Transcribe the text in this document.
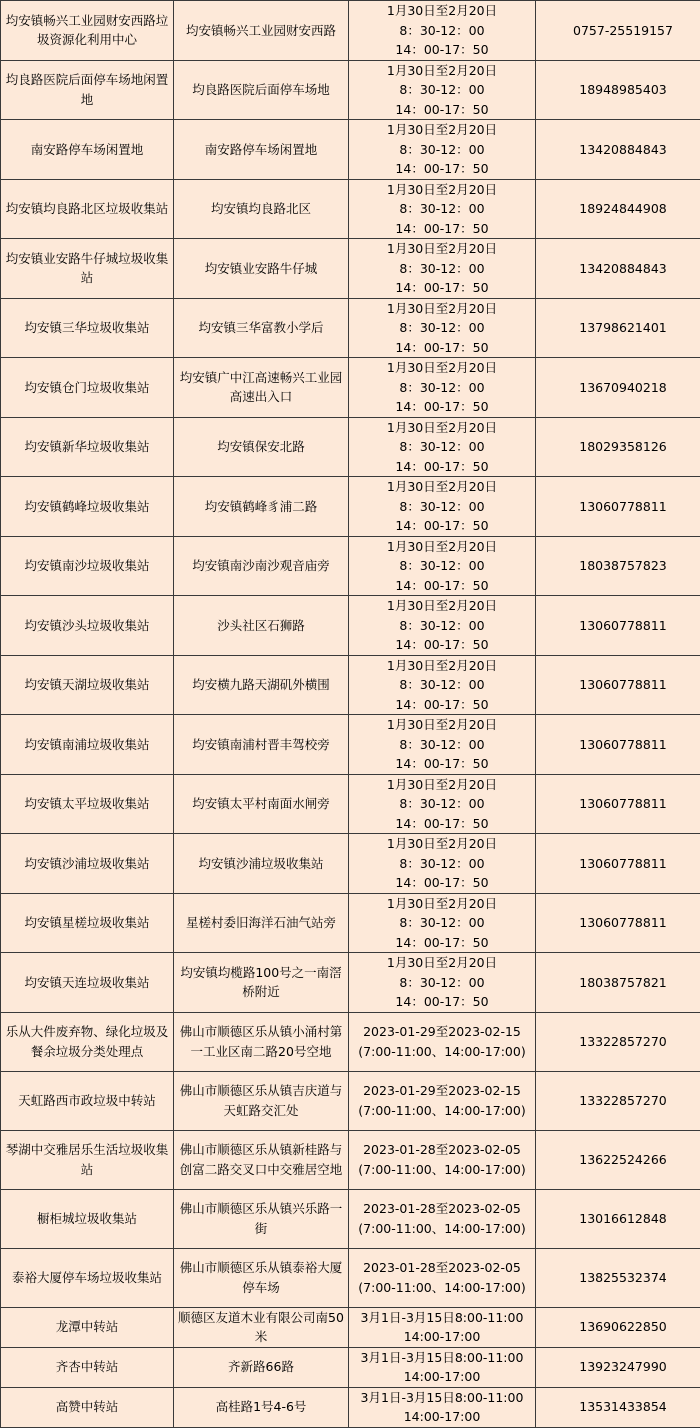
均安镇畅兴工业园财安西路垃圾资源化利用中心	均安镇畅兴工业园财安西路	1月30日至2月20日
8：30-12：00
14：00-17：50	0757-25519157
均良路医院后面停车场地闲置地	均良路医院后面停车场地	1月30日至2月20日
8：30-12：00
14：00-17：50	18948985403
南安路停车场闲置地	南安路停车场闲置地	1月30日至2月20日
8：30-12：00
14：00-17：50	13420884843
均安镇均良路北区垃圾收集站	均安镇均良路北区	1月30日至2月20日
8：30-12：00
14：00-17：50	18924844908
均安镇业安路牛仔城垃圾收集站	均安镇业安路牛仔城	1月30日至2月20日
8：30-12：00
14：00-17：50	13420884843
均安镇三华垃圾收集站	均安镇三华富教小学后	1月30日至2月20日
8：30-12：00
14：00-17：50	13798621401
均安镇仓门垃圾收集站	均安镇广中江高速畅兴工业园高速出入口	1月30日至2月20日
8：30-12：00
14：00-17：50	13670940218
均安镇新华垃圾收集站	均安镇保安北路	1月30日至2月20日
8：30-12：00
14：00-17：50	18029358126
均安镇鹤峰垃圾收集站	均安镇鹤峰豸浦二路	1月30日至2月20日
8：30-12：00
14：00-17：50	13060778811
均安镇南沙垃圾收集站	均安镇南沙南沙观音庙旁	1月30日至2月20日
8：30-12：00
14：00-17：50	18038757823
均安镇沙头垃圾收集站	沙头社区石狮路	1月30日至2月20日
8：30-12：00
14：00-17：50	13060778811
均安镇天湖垃圾收集站	均安横九路天湖矶外横围	1月30日至2月20日
8：30-12：00
14：00-17：50	13060778811
均安镇南浦垃圾收集站	均安镇南浦村晋丰驾校旁	1月30日至2月20日
8：30-12：00
14：00-17：50	13060778811
均安镇太平垃圾收集站	均安镇太平村南面水闸旁	1月30日至2月20日
8：30-12：00
14：00-17：50	13060778811
均安镇沙浦垃圾收集站	均安镇沙浦垃圾收集站	1月30日至2月20日
8：30-12：00
14：00-17：50	13060778811
均安镇星槎垃圾收集站	星槎村委旧海洋石油气站旁	1月30日至2月20日
8：30-12：00
14：00-17：50	13060778811
均安镇天连垃圾收集站	均安镇均榄路100号之一南滘桥附近	1月30日至2月20日
8：30-12：00
14：00-17：50	18038757821
乐从大件废弃物、绿化垃圾及餐余垃圾分类处理点	佛山市顺德区乐从镇小涌村第一工业区南二路20号空地	2023-01-29至2023-02-15
(7:00-11:00、14:00-17:00)	13322857270
天虹路西市政垃圾中转站	佛山市顺德区乐从镇吉庆道与天虹路交汇处	2023-01-29至2023-02-15
(7:00-11:00、14:00-17:00)	13322857270
琴湖中交雅居乐生活垃圾收集站	佛山市顺德区乐从镇新桂路与创富二路交叉口中交雅居空地	2023-01-28至2023-02-05
(7:00-11:00、14:00-17:00)	13622524266
橱柜城垃圾收集站	佛山市顺德区乐从镇兴乐路一街	2023-01-28至2023-02-05
(7:00-11:00、14:00-17:00)	13016612848
泰裕大厦停车场垃圾收集站	佛山市顺德区乐从镇泰裕大厦停车场	2023-01-28至2023-02-05
(7:00-11:00、14:00-17:00)	13825532374
龙潭中转站	顺德区友道木业有限公司南50米	3月1日-3月15日8:00-11:00
14:00-17:00	13690622850
齐杏中转站	齐新路66路	3月1日-3月15日8:00-11:00
14:00-17:00	13923247990
高赞中转站	高桂路1号4-6号	3月1日-3月15日8:00-11:00
14:00-17:00	13531433854
